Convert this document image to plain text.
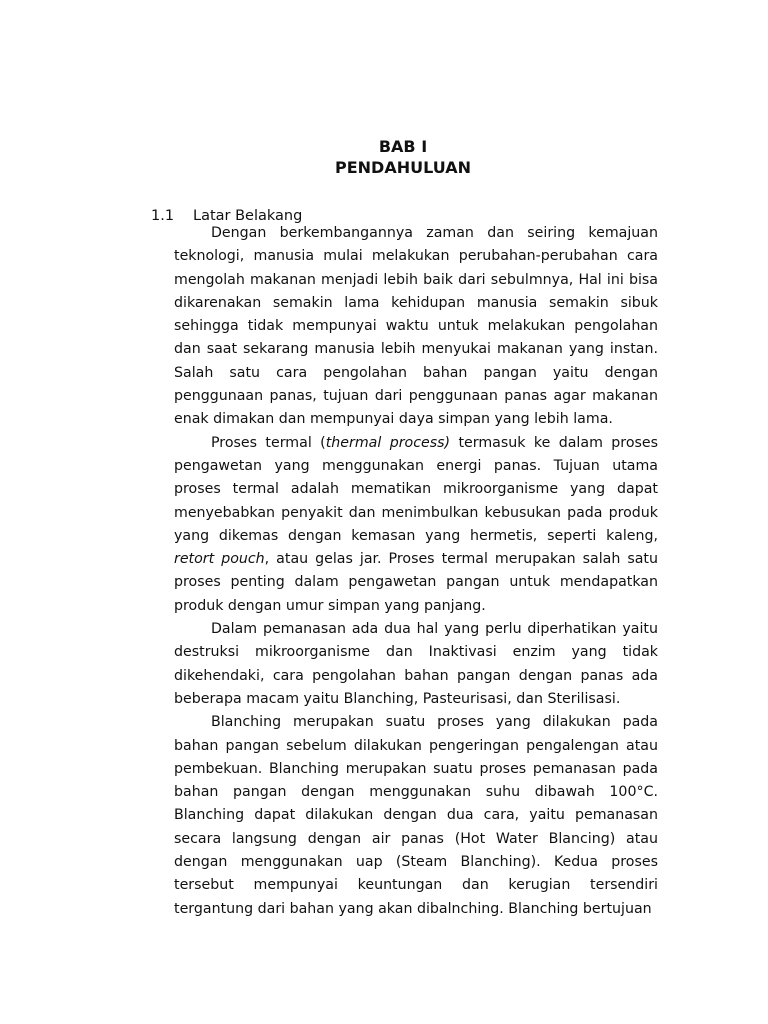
BAB I
PENDAHULUAN
1.1 Latar Belakang

Dengan berkembangannya zaman dan seiring kemajuan teknologi, manusia mulai melakukan perubahan-perubahan cara mengolah makanan menjadi lebih baik dari sebulmnya, Hal ini bisa dikarenakan semakin lama kehidupan manusia semakin sibuk sehingga tidak mempunyai waktu untuk melakukan pengolahan dan saat sekarang manusia lebih menyukai makanan yang instan. Salah satu cara pengolahan bahan pangan yaitu dengan penggunaan panas, tujuan dari penggunaan panas agar makanan enak dimakan dan mempunyai daya simpan yang lebih lama.

Proses termal (thermal process) termasuk ke dalam proses pengawetan yang menggunakan energi panas. Tujuan utama proses termal adalah mematikan mikroorganisme yang dapat menyebabkan penyakit dan menimbulkan kebusukan pada produk yang dikemas dengan kemasan yang hermetis, seperti kaleng, retort pouch, atau gelas jar. Proses termal merupakan salah satu proses penting dalam pengawetan pangan untuk mendapatkan produk dengan umur simpan yang panjang.

Dalam pemanasan ada dua hal yang perlu diperhatikan yaitu destruksi mikroorganisme dan Inaktivasi enzim yang tidak dikehendaki, cara pengolahan bahan pangan dengan panas ada beberapa macam yaitu Blanching, Pasteurisasi, dan Sterilisasi.

Blanching merupakan suatu proses yang dilakukan pada bahan pangan sebelum dilakukan pengeringan pengalengan atau pembekuan. Blanching merupakan suatu proses pemanasan pada bahan pangan dengan menggunakan suhu dibawah 100°C. Blanching dapat dilakukan dengan dua cara, yaitu pemanasan secara langsung dengan air panas (Hot Water Blancing) atau dengan menggunakan uap (Steam Blanching). Kedua proses tersebut mempunyai keuntungan dan kerugian tersendiri tergantung dari bahan yang akan dibalnching. Blanching bertujuan
